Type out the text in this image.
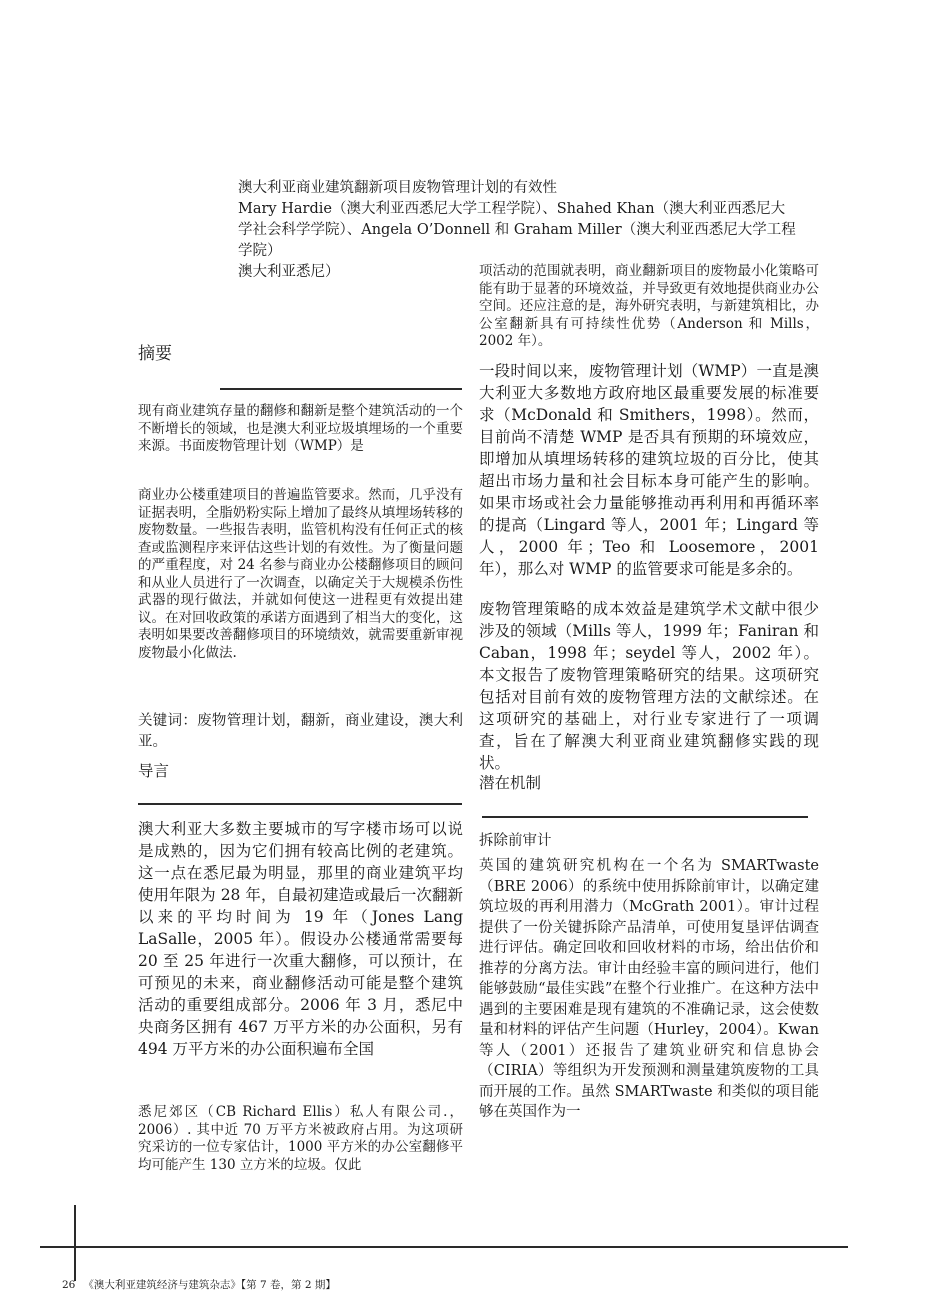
澳大利亚商业建筑翻新项目废物管理计划的有效性

Mary Hardie（澳大利亚西悉尼大学工程学院）、Shahed Khan（澳大利亚西悉尼大学社会科学学院）、Angela O’Donnell 和 Graham Miller（澳大利亚西悉尼大学工程学院）

澳大利亚悉尼）

摘要

现有商业建筑存量的翻修和翻新是整个建筑活动的一个不断增长的领域，也是澳大利亚垃圾填埋场的一个重要来源。书面废物管理计划（WMP）是

商业办公楼重建项目的普遍监管要求。然而，几乎没有证据表明，全脂奶粉实际上增加了最终从填埋场转移的废物数量。一些报告表明，监管机构没有任何正式的核查或监测程序来评估这些计划的有效性。为了衡量问题的严重程度，对 24 名参与商业办公楼翻修项目的顾问和从业人员进行了一次调查，以确定关于大规模杀伤性武器的现行做法，并就如何使这一进程更有效提出建议。在对回收政策的承诺方面遇到了相当大的变化，这表明如果要改善翻修项目的环境绩效，就需要重新审视废物最小化做法.

关键词：废物管理计划，翻新，商业建设，澳大利亚。

导言

澳大利亚大多数主要城市的写字楼市场可以说是成熟的，因为它们拥有较高比例的老建筑。这一点在悉尼最为明显，那里的商业建筑平均使用年限为 28 年，自最初建造或最后一次翻新以来的平均时间为 19 年（Jones Lang LaSalle，2005 年）。假设办公楼通常需要每 20 至 25 年进行一次重大翻修，可以预计，在可预见的未来，商业翻修活动可能是整个建筑活动的重要组成部分。2006 年 3 月，悉尼中央商务区拥有 467 万平方米的办公面积，另有 494 万平方米的办公面积遍布全国

悉尼郊区（CB Richard Ellis）私人有限公司.，2006）. 其中近 70 万平方米被政府占用。为这项研究采访的一位专家估计，1000 平方米的办公室翻修平均可能产生 130 立方米的垃圾。仅此

项活动的范围就表明，商业翻新项目的废物最小化策略可能有助于显著的环境效益，并导致更有效地提供商业办公空间。还应注意的是，海外研究表明，与新建筑相比，办公室翻新具有可持续性优势（Anderson 和 Mills，2002 年）。

一段时间以来，废物管理计划（WMP）一直是澳大利亚大多数地方政府地区最重要发展的标准要求（McDonald 和 Smithers，1998）。然而，目前尚不清楚 WMP 是否具有预期的环境效应，即增加从填埋场转移的建筑垃圾的百分比，使其超出市场力量和社会目标本身可能产生的影响。如果市场或社会力量能够推动再利用和再循环率的提高（Lingard 等人，2001 年；Lingard 等人，2000 年；Teo 和 Loosemore，2001 年），那么对 WMP 的监管要求可能是多余的。

废物管理策略的成本效益是建筑学术文献中很少涉及的领域（Mills 等人，1999 年；Faniran 和 Caban，1998 年；seydel 等人，2002 年）。本文报告了废物管理策略研究的结果。这项研究包括对目前有效的废物管理方法的文献综述。在这项研究的基础上，对行业专家进行了一项调查，旨在了解澳大利亚商业建筑翻修实践的现状。

潜在机制
拆除前审计

英国的建筑研究机构在一个名为 SMARTwaste（BRE 2006）的系统中使用拆除前审计，以确定建筑垃圾的再利用潜力（McGrath 2001）。审计过程提供了一份关键拆除产品清单，可使用复垦评估调查进行评估。确定回收和回收材料的市场，给出估价和推荐的分离方法。审计由经验丰富的顾问进行，他们能够鼓励“最佳实践”在整个行业推广。在这种方法中遇到的主要困难是现有建筑的不准确记录，这会使数量和材料的评估产生问题（Hurley，2004）。Kwan 等人（2001）还报告了建筑业研究和信息协会（CIRIA）等组织为开发预测和测量建筑废物的工具而开展的工作。虽然 SMARTwaste 和类似的项目能够在英国作为一

26 《澳大利亚建筑经济与建筑杂志》【第 7 卷，第 2 期】
